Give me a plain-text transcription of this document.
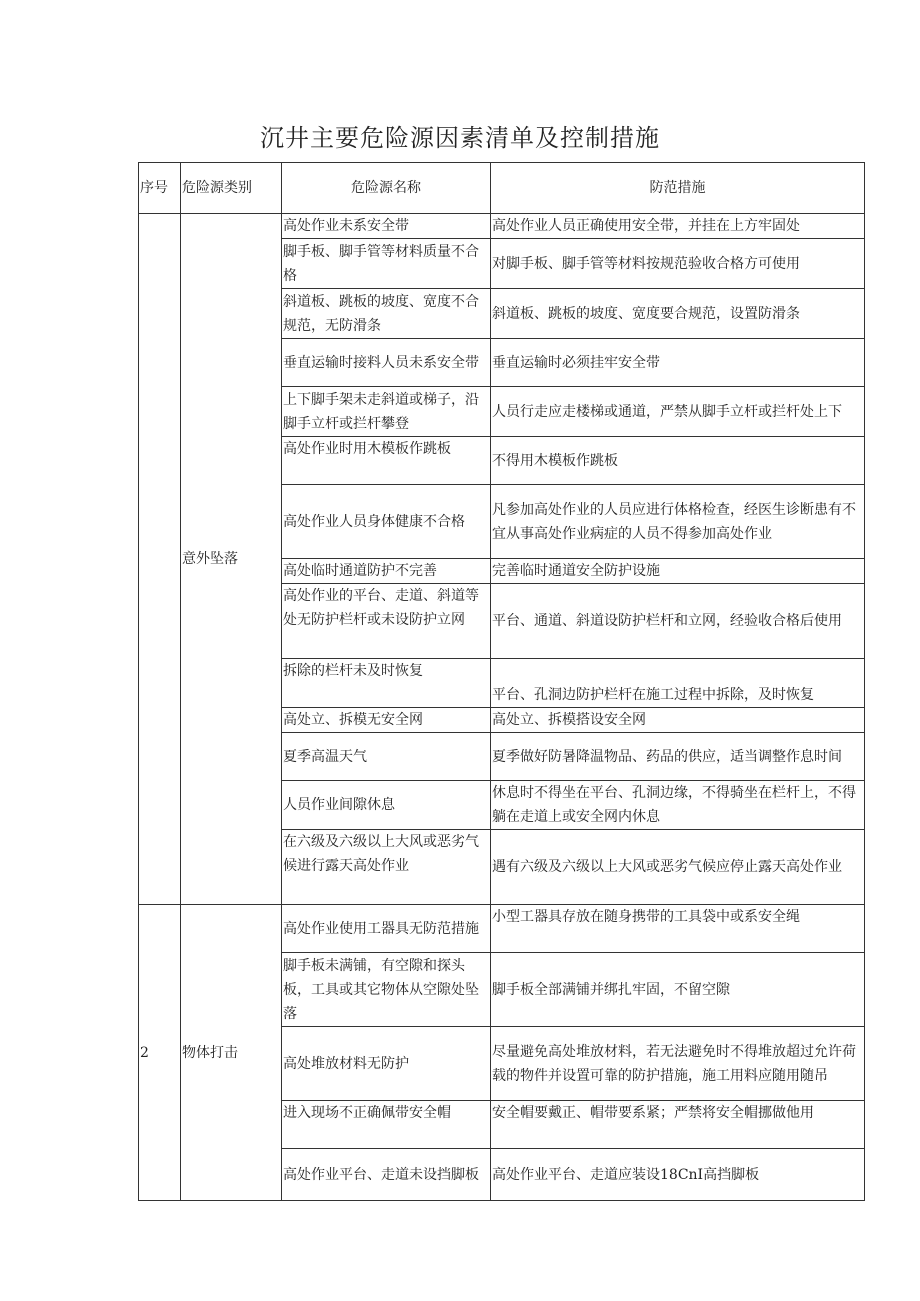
沉井主要危险源因素清单及控制措施
序号	危险源类别	危险源名称	防范措施
	意外坠落	高处作业未系安全带	高处作业人员正确使用安全带，并挂在上方牢固处
		脚手板、脚手管等材料质量不合格	对脚手板、脚手管等材料按规范验收合格方可使用
		斜道板、跳板的坡度、宽度不合规范，无防滑条	斜道板、跳板的坡度、宽度要合规范，设置防滑条
		垂直运输时接料人员未系安全带	垂直运输时必须挂牢安全带
		上下脚手架未走斜道或梯子，沿脚手立杆或拦杆攀登	人员行走应走楼梯或通道，严禁从脚手立杆或拦杆处上下
		高处作业时用木模板作跳板	不得用木模板作跳板
		高处作业人员身体健康不合格	凡参加高处作业的人员应进行体格检查，经医生诊断患有不宜从事高处作业病症的人员不得参加高处作业
		高处临时通道防护不完善	完善临时通道安全防护设施
		高处作业的平台、走道、斜道等处无防护栏杆或未设防护立网	平台、通道、斜道设防护栏杆和立网，经验收合格后使用
		拆除的栏杆未及时恢复	平台、孔洞边防护栏杆在施工过程中拆除，及时恢复
		高处立、拆模无安全网	高处立、拆模搭设安全网
		夏季高温天气	夏季做好防暑降温物品、药品的供应，适当调整作息时间
		人员作业间隙休息	休息时不得坐在平台、孔洞边缘，不得骑坐在栏杆上，不得躺在走道上或安全网内休息
		在六级及六级以上大风或恶劣气候进行露天高处作业	遇有六级及六级以上大风或恶劣气候应停止露天高处作业
2	物体打击	高处作业使用工器具无防范措施	小型工器具存放在随身携带的工具袋中或系安全绳
		脚手板未满铺，有空隙和探头板，工具或其它物体从空隙处坠落	脚手板全部满铺并绑扎牢固，不留空隙
		高处堆放材料无防护	尽量避免高处堆放材料，若无法避免时不得堆放超过允许荷载的物件并设置可靠的防护措施，施工用料应随用随吊
		进入现场不正确佩带安全帽	安全帽要戴正、帽带要系紧；严禁将安全帽挪做他用
		高处作业平台、走道未设挡脚板	高处作业平台、走道应装设18CnI高挡脚板
